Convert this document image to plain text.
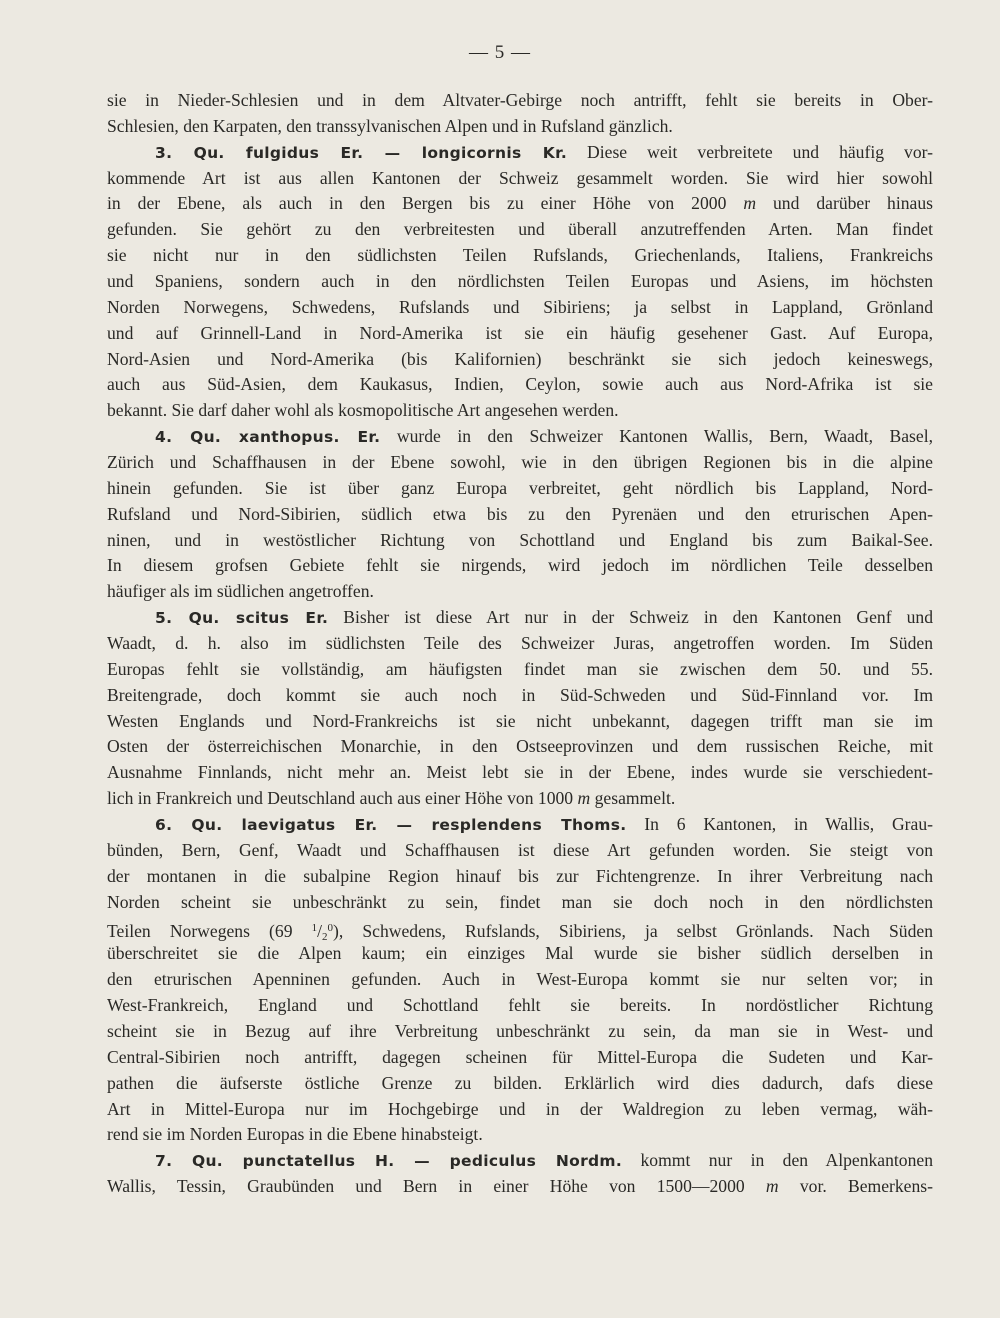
— 5 —
sie in Nieder-Schlesien und in dem Altvater-Gebirge noch antrifft, fehlt sie bereits in Ober-
Schlesien, den Karpaten, den transsylvanischen Alpen und in Rufsland gänzlich.
3. Qu. fulgidus Er. — longicornis Kr. Diese weit verbreitete und häufig vor-
kommende Art ist aus allen Kantonen der Schweiz gesammelt worden. Sie wird hier sowohl
in der Ebene, als auch in den Bergen bis zu einer Höhe von 2000 m und darüber hinaus
gefunden. Sie gehört zu den verbreitesten und überall anzutreffenden Arten. Man findet
sie nicht nur in den südlichsten Teilen Rufslands, Griechenlands, Italiens, Frankreichs
und Spaniens, sondern auch in den nördlichsten Teilen Europas und Asiens, im höchsten
Norden Norwegens, Schwedens, Rufslands und Sibiriens; ja selbst in Lappland, Grönland
und auf Grinnell-Land in Nord-Amerika ist sie ein häufig gesehener Gast. Auf Europa,
Nord-Asien und Nord-Amerika (bis Kalifornien) beschränkt sie sich jedoch keineswegs,
auch aus Süd-Asien, dem Kaukasus, Indien, Ceylon, sowie auch aus Nord-Afrika ist sie
bekannt. Sie darf daher wohl als kosmopolitische Art angesehen werden.
4. Qu. xanthopus. Er. wurde in den Schweizer Kantonen Wallis, Bern, Waadt, Basel,
Zürich und Schaffhausen in der Ebene sowohl, wie in den übrigen Regionen bis in die alpine
hinein gefunden. Sie ist über ganz Europa verbreitet, geht nördlich bis Lappland, Nord-
Rufsland und Nord-Sibirien, südlich etwa bis zu den Pyrenäen und den etrurischen Apen-
ninen, und in westöstlicher Richtung von Schottland und England bis zum Baikal-See.
In diesem grofsen Gebiete fehlt sie nirgends, wird jedoch im nördlichen Teile desselben
häufiger als im südlichen angetroffen.
5. Qu. scitus Er. Bisher ist diese Art nur in der Schweiz in den Kantonen Genf und
Waadt, d. h. also im südlichsten Teile des Schweizer Juras, angetroffen worden. Im Süden
Europas fehlt sie vollständig, am häufigsten findet man sie zwischen dem 50. und 55.
Breitengrade, doch kommt sie auch noch in Süd-Schweden und Süd-Finnland vor. Im
Westen Englands und Nord-Frankreichs ist sie nicht unbekannt, dagegen trifft man sie im
Osten der österreichischen Monarchie, in den Ostseeprovinzen und dem russischen Reiche, mit
Ausnahme Finnlands, nicht mehr an. Meist lebt sie in der Ebene, indes wurde sie verschiedent-
lich in Frankreich und Deutschland auch aus einer Höhe von 1000 m gesammelt.
6. Qu. laevigatus Er. — resplendens Thoms. In 6 Kantonen, in Wallis, Grau-
bünden, Bern, Genf, Waadt und Schaffhausen ist diese Art gefunden worden. Sie steigt von
der montanen in die subalpine Region hinauf bis zur Fichtengrenze. In ihrer Verbreitung nach
Norden scheint sie unbeschränkt zu sein, findet man sie doch noch in den nördlichsten
Teilen Norwegens (69 $^1/_2^0$), Schwedens, Rufslands, Sibiriens, ja selbst Grönlands. Nach Süden
überschreitet sie die Alpen kaum; ein einziges Mal wurde sie bisher südlich derselben in
den etrurischen Apenninen gefunden. Auch in West-Europa kommt sie nur selten vor; in
West-Frankreich, England und Schottland fehlt sie bereits. In nordöstlicher Richtung
scheint sie in Bezug auf ihre Verbreitung unbeschränkt zu sein, da man sie in West- und
Central-Sibirien noch antrifft, dagegen scheinen für Mittel-Europa die Sudeten und Kar-
pathen die äufserste östliche Grenze zu bilden. Erklärlich wird dies dadurch, dafs diese
Art in Mittel-Europa nur im Hochgebirge und in der Waldregion zu leben vermag, wäh-
rend sie im Norden Europas in die Ebene hinabsteigt.
7. Qu. punctatellus H. — pediculus Nordm. kommt nur in den Alpenkantonen
Wallis, Tessin, Graubünden und Bern in einer Höhe von 1500—2000 m vor. Bemerkens-
